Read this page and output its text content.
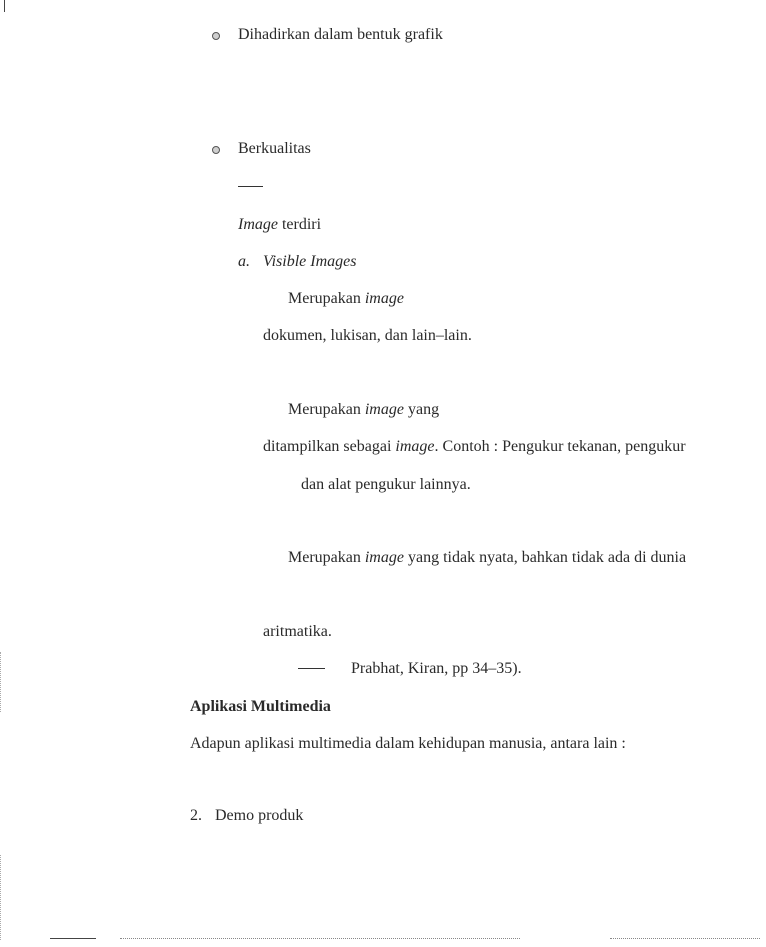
Dihadirkan dalam bentuk grafik
Berkualitas
Image terdiri
a. Visible Images
Merupakan image
dokumen, lukisan, dan lain–lain.
Merupakan image yang
ditampilkan sebagai image. Contoh : Pengukur tekanan, pengukur
dan alat pengukur lainnya.
Merupakan image yang tidak nyata, bahkan tidak ada di dunia
aritmatika.
Prabhat, Kiran, pp 34–35).
Aplikasi Multimedia
Adapun aplikasi multimedia dalam kehidupan manusia, antara lain :
2. Demo produk
